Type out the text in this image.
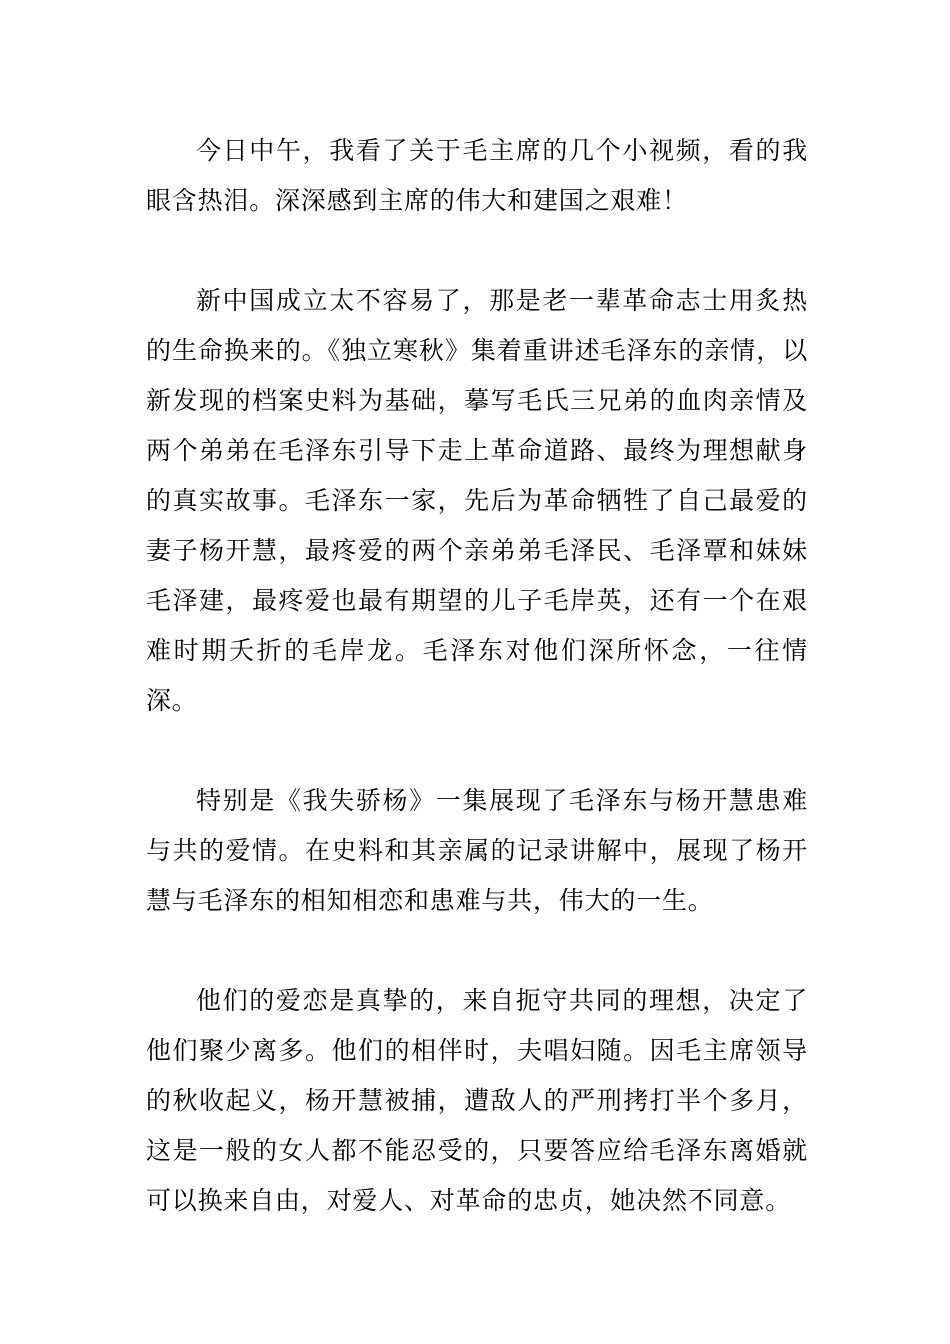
今日中午，我看了关于毛主席的几个小视频，看的我眼含热泪。深深感到主席的伟大和建国之艰难！

新中国成立太不容易了，那是老一辈革命志士用炙热的生命换来的。《独立寒秋》集着重讲述毛泽东的亲情，以新发现的档案史料为基础，摹写毛氏三兄弟的血肉亲情及两个弟弟在毛泽东引导下走上革命道路、最终为理想献身的真实故事。毛泽东一家，先后为革命牺牲了自己最爱的妻子杨开慧，最疼爱的两个亲弟弟毛泽民、毛泽覃和妹妹毛泽建，最疼爱也最有期望的儿子毛岸英，还有一个在艰难时期夭折的毛岸龙。毛泽东对他们深所怀念，一往情深。

特别是《我失骄杨》一集展现了毛泽东与杨开慧患难与共的爱情。在史料和其亲属的记录讲解中，展现了杨开慧与毛泽东的相知相恋和患难与共，伟大的一生。

他们的爱恋是真挚的，来自扼守共同的理想，决定了他们聚少离多。他们的相伴时，夫唱妇随。因毛主席领导的秋收起义，杨开慧被捕，遭敌人的严刑拷打半个多月，这是一般的女人都不能忍受的，只要答应给毛泽东离婚就可以换来自由，对爱人、对革命的忠贞，她决然不同意。
